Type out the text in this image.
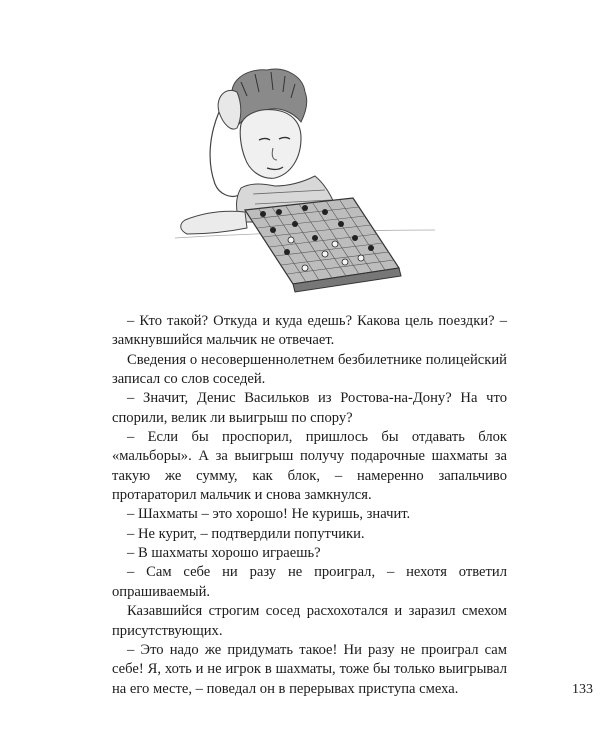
– Кто такой? Откуда и куда едешь? Какова цель поездки? – замкнувшийся мальчик не отвечает.

Сведения о несовершеннолетнем безбилетнике полицейский записал со слов соседей.

– Значит, Денис Васильков из Ростова-на-Дону? На что спорили, велик ли выигрыш по спору?

– Если бы проспорил, пришлось бы отдавать блок «мальборы». А за выигрыш получу подарочные шахматы за такую же сумму, как блок, – намеренно запальчиво протараторил мальчик и снова замкнулся.

– Шахматы – это хорошо! Не куришь, значит.

– Не курит, – подтвердили попутчики.

– В шахматы хорошо играешь?

– Сам себе ни разу не проиграл, – нехотя ответил опрашиваемый.

Казавшийся строгим сосед расхохотался и заразил смехом присутствующих.

– Это надо же придумать такое! Ни разу не проиграл сам себе! Я, хоть и не игрок в шахматы, тоже бы только выигрывал на его месте, – поведал он в перерывах приступа смеха.	133
